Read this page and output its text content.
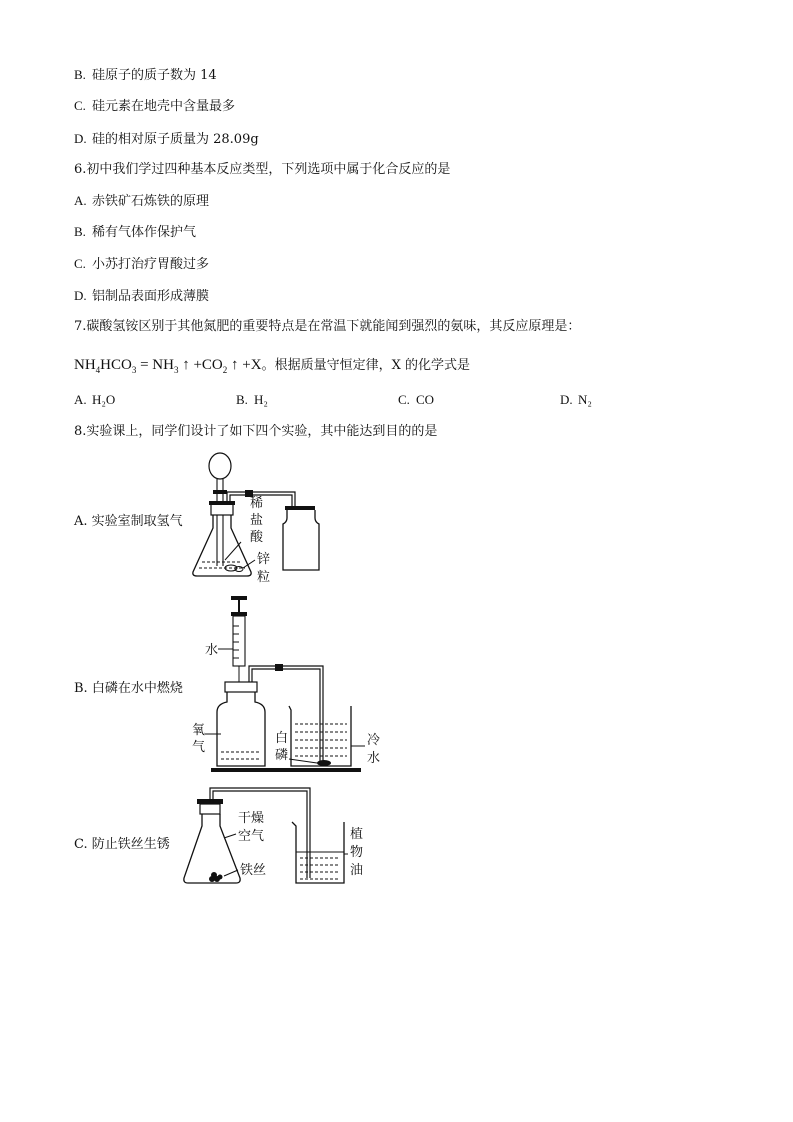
B. 硅原子的质子数为 14
C. 硅元素在地壳中含量最多
D. 硅的相对原子质量为 28.09g
6.初中我们学过四种基本反应类型，下列选项中属于化合反应的是
A. 赤铁矿石炼铁的原理
B. 稀有气体作保护气
C. 小苏打治疗胃酸过多
D. 铝制品表面形成薄膜
7.碳酸氢铵区别于其他氮肥的重要特点是在常温下就能闻到强烈的氨味，其反应原理是：
$NH_4HCO_3 = NH_3$ ↑ $+CO_2$ ↑ +X。根据质量守恒定律，X 的化学式是
A. H₂O	B. H₂	C. CO	D. N₂
8.实验课上，同学们设计了如下四个实验，其中能达到目的的是
A. 实验室制取氢气
稀
盐
酸
锌
粒
B. 白磷在水中燃烧
水
氧
气
白
磷
冷
水
C. 防止铁丝生锈
干燥
空气
铁丝
植
物
油
